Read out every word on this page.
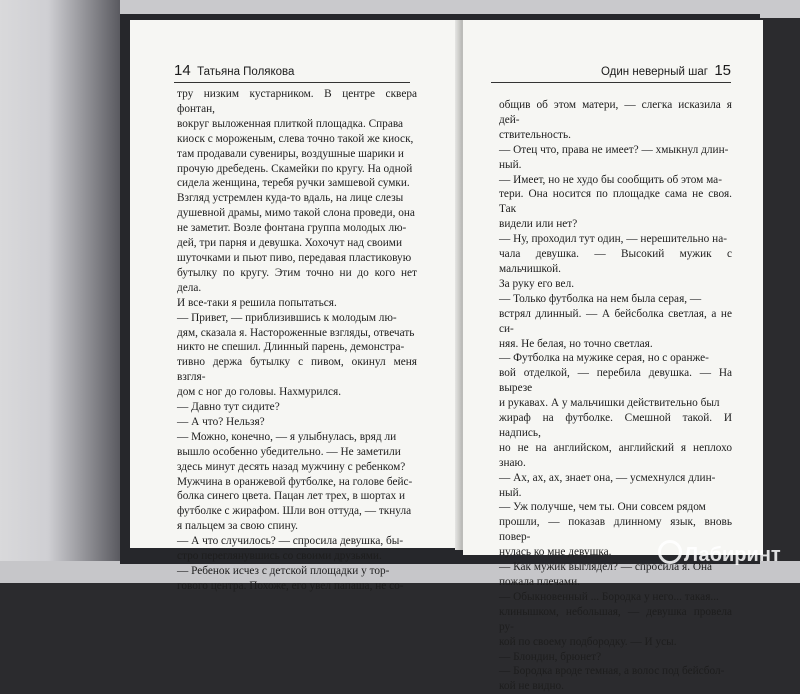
14 Татьяна Полякова

тру низким кустарником. В центре сквера фонтан,

вокруг выложенная плиткой площадка. Справа

киоск с мороженым, слева точно такой же киоск,

там продавали сувениры, воздушные шарики и

прочую дребедень. Скамейки по кругу. На одной

сидела женщина, теребя ручки замшевой сумки.

Взгляд устремлен куда-то вдаль, на лице слезы

душевной драмы, мимо такой слона проведи, она

не заметит. Возле фонтана группа молодых лю-

дей, три парня и девушка. Хохочут над своими

шуточками и пьют пиво, передавая пластиковую

бутылку по кругу. Этим точно ни до кого нет дела.

И все-таки я решила попытаться.

— Привет, — приблизившись к молодым лю-

дям, сказала я. Настороженные взгляды, отвечать

никто не спешил. Длинный парень, демонстра-

тивно держа бутылку с пивом, окинул меня взгля-

дом с ног до головы. Нахмурился.

— Давно тут сидите?

— А что? Нельзя?

— Можно, конечно, — я улыбнулась, вряд ли

вышло особенно убедительно. — Не заметили

здесь минут десять назад мужчину с ребенком?

Мужчина в оранжевой футболке, на голове бейс-

болка синего цвета. Пацан лет трех, в шортах и

футболке с жирафом. Шли вон оттуда, — ткнула

я пальцем за свою спину.

— А что случилось? — спросила девушка, бы-

стро переглянувшись со своими друзьями.

— Ребенок исчез с детской площадки у тор-

гового центра. Похоже, его увел папаша, не со-

Один неверный шаг 15

общив об этом матери, — слегка исказила я дей-

ствительность.

— Отец что, права не имеет? — хмыкнул длин-

ный.

— Имеет, но не худо бы сообщить об этом ма-

тери. Она носится по площадке сама не своя. Так

видели или нет?

— Ну, проходил тут один, — нерешительно на-

чала девушка. — Высокий мужик с мальчишкой.

За руку его вел.

— Только футболка на нем была серая, —

встрял длинный. — А бейсболка светлая, а не си-

няя. Не белая, но точно светлая.

— Футболка на мужике серая, но с оранже-

вой отделкой, — перебила девушка. — На вырезе

и рукавах. А у мальчишки действительно был

жираф на футболке. Смешной такой. И надпись,

но не на английском, английский я неплохо знаю.

— Ах, ах, ах, знает она, — усмехнулся длин-

ный.

— Уж получше, чем ты. Они совсем рядом

прошли, — показав длинному язык, вновь повер-

нулась ко мне девушка.

— Как мужик выглядел? — спросила я. Она

пожала плечами.

— Обыкновенный ... Бородка у него... такая...

клинышком, небольшая, — девушка провела ру-

кой по своему подбородку. — И усы.

— Блондин, брюнет?

— Бородка вроде темная, а волос под бейсбол-

кой не видно.

Лабиринт
